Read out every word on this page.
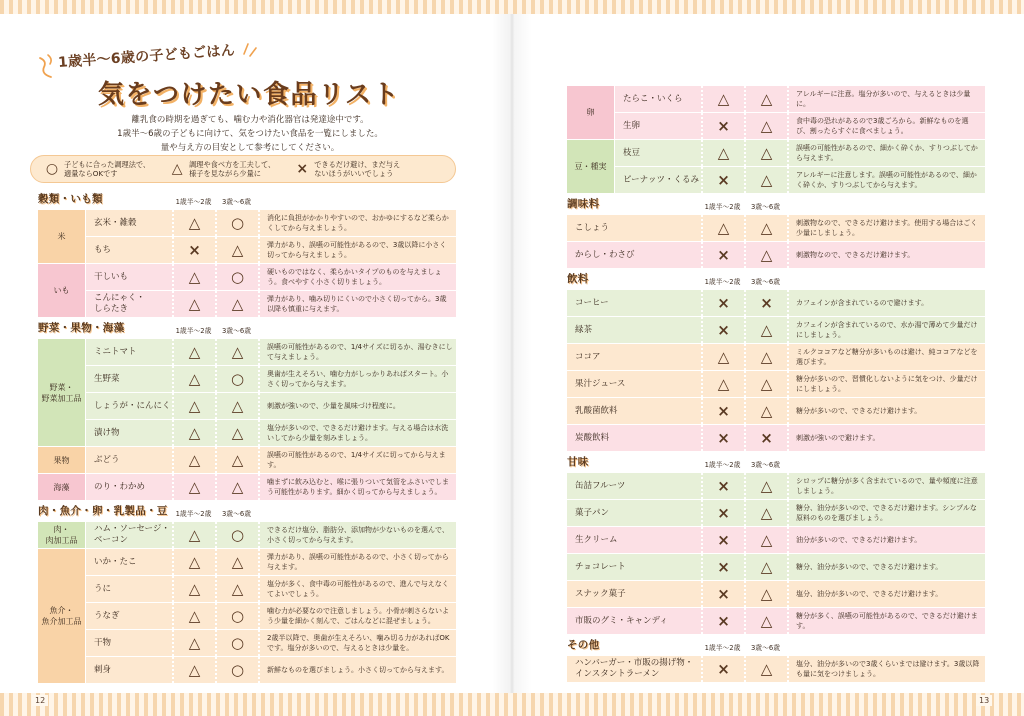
1歳半〜6歳の子どもごはん
気をつけたい食品リスト
離乳食の時期を過ぎても、噛む力や消化器官は発達途中です。
1歳半〜6歳の子どもに向けて、気をつけたい食品を一覧にしました。
量や与え方の目安として参考にしてください。
○ 子どもに合った調理法で、
適量ならOKです	△ 調理や食べ方を工夫して、
様子を見ながら少量に	× できるだけ避け、まだ与え
ないほうがいいでしょう
穀類・いも類	1歳半〜2歳	3歳〜6歳
米
玄米・雑穀	△	○	消化に負担がかかりやすいので、おかゆにするなど柔らかくしてから与えましょう。
もち	×	△	弾力があり、誤嚥の可能性があるので、3歳以降に小さく切ってから与えましょう。
いも
干しいも	△	○	硬いものではなく、柔らかいタイプのものを与えましょう。食べやすく小さく切りましょう。
こんにゃく・
しらたき	△	△	弾力があり、噛み切りにくいので小さく切ってから。3歳以降も慎重に与えます。
野菜・果物・海藻	1歳半〜2歳	3歳〜6歳
野菜・
野菜加工品
ミニトマト	△	△	誤嚥の可能性があるので、1/4サイズに切るか、湯むきにして与えましょう。
生野菜	△	○	奥歯が生えそろい、噛む力がしっかりあればスタート。小さく切ってから与えます。
しょうが・にんにく	△	△	刺激が強いので、少量を風味づけ程度に。
漬け物	△	△	塩分が多いので、できるだけ避けます。与える場合は水洗いしてから少量を刻みましょう。
果物	ぶどう	△	△	誤嚥の可能性があるので、1/4サイズに切ってから与えます。
海藻	のり・わかめ	△	△	噛まずに飲み込むと、喉に張りついて気管をふさいでしまう可能性があります。細かく切ってから与えましょう。
肉・魚介・卵・乳製品・豆	1歳半〜2歳	3歳〜6歳
肉・
肉加工品
ハム・ソーセージ・
ベーコン	△	○	できるだけ塩分、脂肪分、添加物が少ないものを選んで、小さく切ってから与えます。
魚介・
魚介加工品
いか・たこ	△	△	弾力があり、誤嚥の可能性があるので、小さく切ってから与えます。
うに	△	△	塩分が多く、食中毒の可能性があるので、進んで与えなくてよいでしょう。
うなぎ	△	○	噛む力が必要なので注意しましょう。小骨が刺さらないよう少量を細かく刻んで、ごはんなどに混ぜましょう。
干物	△	○	2歳半以降で、奥歯が生えそろい、噛み切る力があればOKです。塩分が多いので、与えるときは少量を。
刺身	△	○	新鮮なものを選びましょう。小さく切ってから与えます。
卵
たらこ・いくら	△	△	アレルギーに注意。塩分が多いので、与えるときは少量に。
生卵	×	△	食中毒の恐れがあるので3歳ごろから。新鮮なものを選び、割ったらすぐに食べましょう。
豆・種実
枝豆	△	△	誤嚥の可能性があるので、細かく砕くか、すりつぶしてから与えます。
ピーナッツ・くるみ	×	△	アレルギーに注意します。誤嚥の可能性があるので、細かく砕くか、すりつぶしてから与えます。
調味料	1歳半〜2歳	3歳〜6歳
こしょう	△	△	刺激物なので、できるだけ避けます。使用する場合はごく少量にしましょう。
からし・わさび	×	△	刺激物なので、できるだけ避けます。
飲料	1歳半〜2歳	3歳〜6歳
コーヒー	×	×	カフェインが含まれているので避けます。
緑茶	×	△	カフェインが含まれているので、水か湯で薄めて少量だけにしましょう。
ココア	△	△	ミルクココアなど糖分が多いものは避け、純ココアなどを選びます。
果汁ジュース	△	△	糖分が多いので、習慣化しないように気をつけ、少量だけにしましょう。
乳酸菌飲料	×	△	糖分が多いので、できるだけ避けます。
炭酸飲料	×	×	刺激が強いので避けます。
甘味	1歳半〜2歳	3歳〜6歳
缶詰フルーツ	×	△	シロップに糖分が多く含まれているので、量や頻度に注意しましょう。
菓子パン	×	△	糖分、油分が多いので、できるだけ避けます。シンプルな原料のものを選びましょう。
生クリーム	×	△	油分が多いので、できるだけ避けます。
チョコレート	×	△	糖分、油分が多いので、できるだけ避けます。
スナック菓子	×	△	塩分、油分が多いので、できるだけ避けます。
市販のグミ・キャンディ	×	△	糖分が多く、誤嚥の可能性があるので、できるだけ避けます。
その他	1歳半〜2歳	3歳〜6歳
ハンバーガー・市販の揚げ物・
インスタントラーメン	×	△	塩分、油分が多いので3歳くらいまでは避けます。3歳以降も量に気をつけましょう。
12	13
